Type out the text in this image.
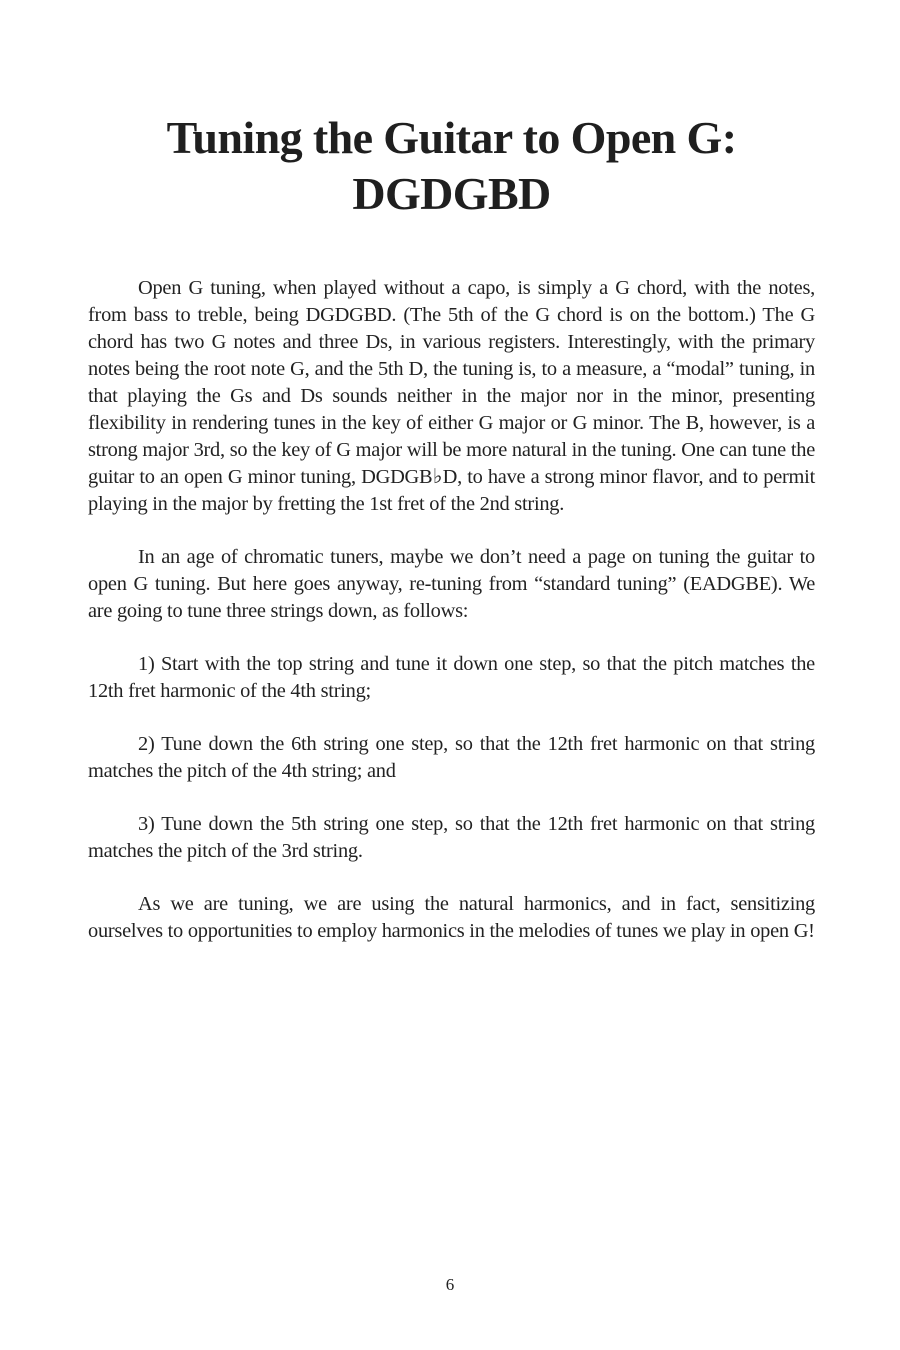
Tuning the Guitar to Open G:
DGDGBD

Open G tuning, when played without a capo, is simply a G chord, with the notes, from bass to treble, being DGDGBD. (The 5th of the G chord is on the bottom.) The G chord has two G notes and three Ds, in various registers. Interestingly, with the primary notes being the root note G, and the 5th D, the tuning is, to a measure, a “modal” tuning, in that playing the Gs and Ds sounds neither in the major nor in the minor, presenting flexibility in rendering tunes in the key of either G major or G minor. The B, however, is a strong major 3rd, so the key of G major will be more natural in the tuning. One can tune the guitar to an open G minor tuning, DGDGB♭D, to have a strong minor flavor, and to permit playing in the major by fretting the 1st fret of the 2nd string.

In an age of chromatic tuners, maybe we don’t need a page on tuning the guitar to open G tuning. But here goes anyway, re-tuning from “standard tuning” (EADGBE). We are going to tune three strings down, as follows:

1) Start with the top string and tune it down one step, so that the pitch matches the 12th fret harmonic of the 4th string;

2) Tune down the 6th string one step, so that the 12th fret harmonic on that string matches the pitch of the 4th string; and

3) Tune down the 5th string one step, so that the 12th fret harmonic on that string matches the pitch of the 3rd string.

As we are tuning, we are using the natural harmonics, and in fact, sensitizing ourselves to opportunities to employ harmonics in the melodies of tunes we play in open G!

6
